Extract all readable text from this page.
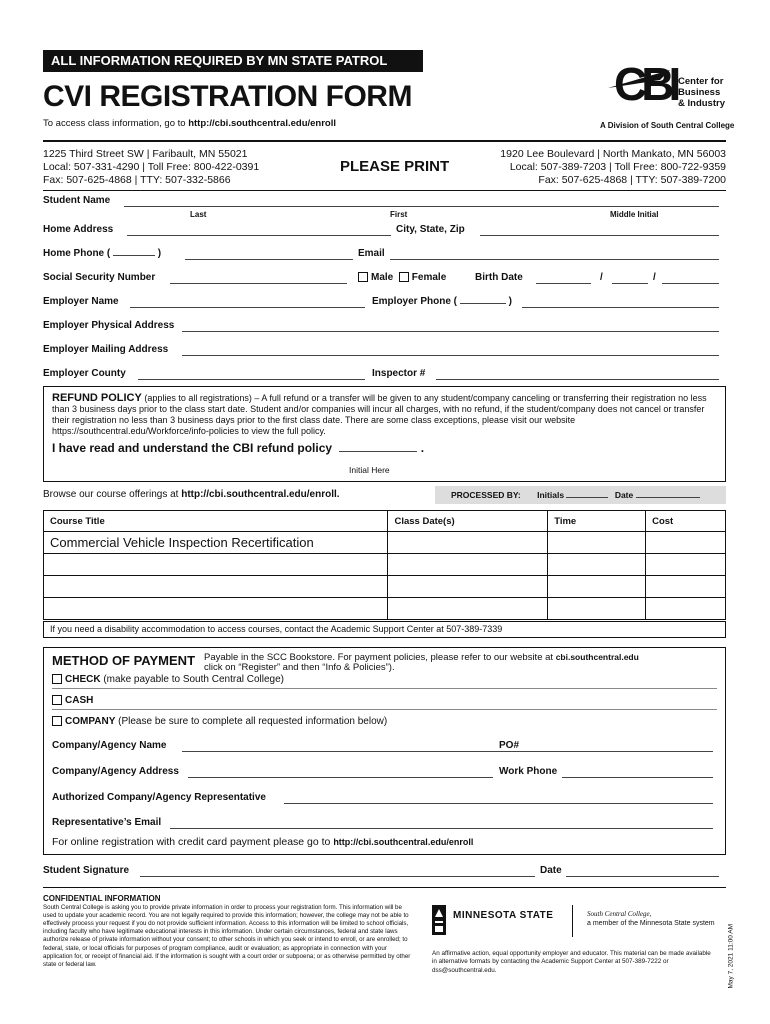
ALL INFORMATION REQUIRED BY MN STATE PATROL
CVI REGISTRATION FORM
To access class information, go to http://cbi.southcentral.edu/enroll
CBI Center for
Business
& Industry
A Division of South Central College
1225 Third Street SW | Faribault, MN 55021
Local: 507-331-4290 | Toll Free: 800-422-0391
Fax: 507-625-4868 | TTY: 507-332-5866
PLEASE PRINT
1920 Lee Boulevard | North Mankato, MN 56003
Local: 507-389-7203 | Toll Free: 800-722-9359
Fax: 507-625-4868 | TTY: 507-389-7200
Student Name
Last	First	Middle Initial
Home Address	City, State, Zip
Home Phone (	)	Email
Social Security Number	Male Female	Birth Date	/	/
Employer Name	Employer Phone (	)
Employer Physical Address
Employer Mailing Address
Employer County	Inspector #
REFUND POLICY (applies to all registrations) – A full refund or a transfer will be given to any student/company canceling or transferring their registration no less than 3 business days prior to the class start date. Student and/or companies will incur all charges, with no refund, if the student/company does not cancel or transfer their registration no less than 3 business days prior to the first class date. There are some class exceptions, please visit our website https://southcentral.edu/Workforce/info-policies to view the full policy.
I have read and understand the CBI refund policy	.
Initial Here
Browse our course offerings at http://cbi.southcentral.edu/enroll.	PROCESSED BY: Initials	Date
Course Title	Class Date(s)	Time	Cost
Commercial Vehicle Inspection Recertification			

If you need a disability accommodation to access courses, contact the Academic Support Center at 507-389-7339
METHOD OF PAYMENT Payable in the SCC Bookstore. For payment policies, please refer to our website at cbi.southcentral.edu
click on “Register” and then “Info & Policies”).
CHECK (make payable to South Central College)
CASH
COMPANY (Please be sure to complete all requested information below)
Company/Agency Name	PO#
Company/Agency Address	Work Phone
Authorized Company/Agency Representative
Representative’s Email
For online registration with credit card payment please go to http://cbi.southcentral.edu/enroll
Student Signature	Date
CONFIDENTIAL INFORMATION
South Central College is asking you to provide private information in order to process your registration form. This information will be used to update your academic record. You are not legally required to provide this information; however, the college may not be able to effectively process your request if you do not provide sufficient information. Access to this information will be limited to school officials, including faculty who have legitimate educational interests in this information. Under certain circumstances, federal and state laws authorize release of private information without your consent; to other schools in which you seek or intend to enroll, or are enrolled; to federal, state, or local officials for purposes of program compliance, audit or evaluation; as appropriate in connection with your application for, or receipt of financial aid. If the information is sought with a court order or subpoena; or as otherwise permitted by other state or federal law.
MINNESOTA STATE	South Central College,
a member of the Minnesota State system
An affirmative action, equal opportunity employer and educator. This material can be made available in alternative formats by contacting the Academic Support Center at 507-389-7222 or dss@southcentral.edu.	May 7, 2021 11:00 AM
